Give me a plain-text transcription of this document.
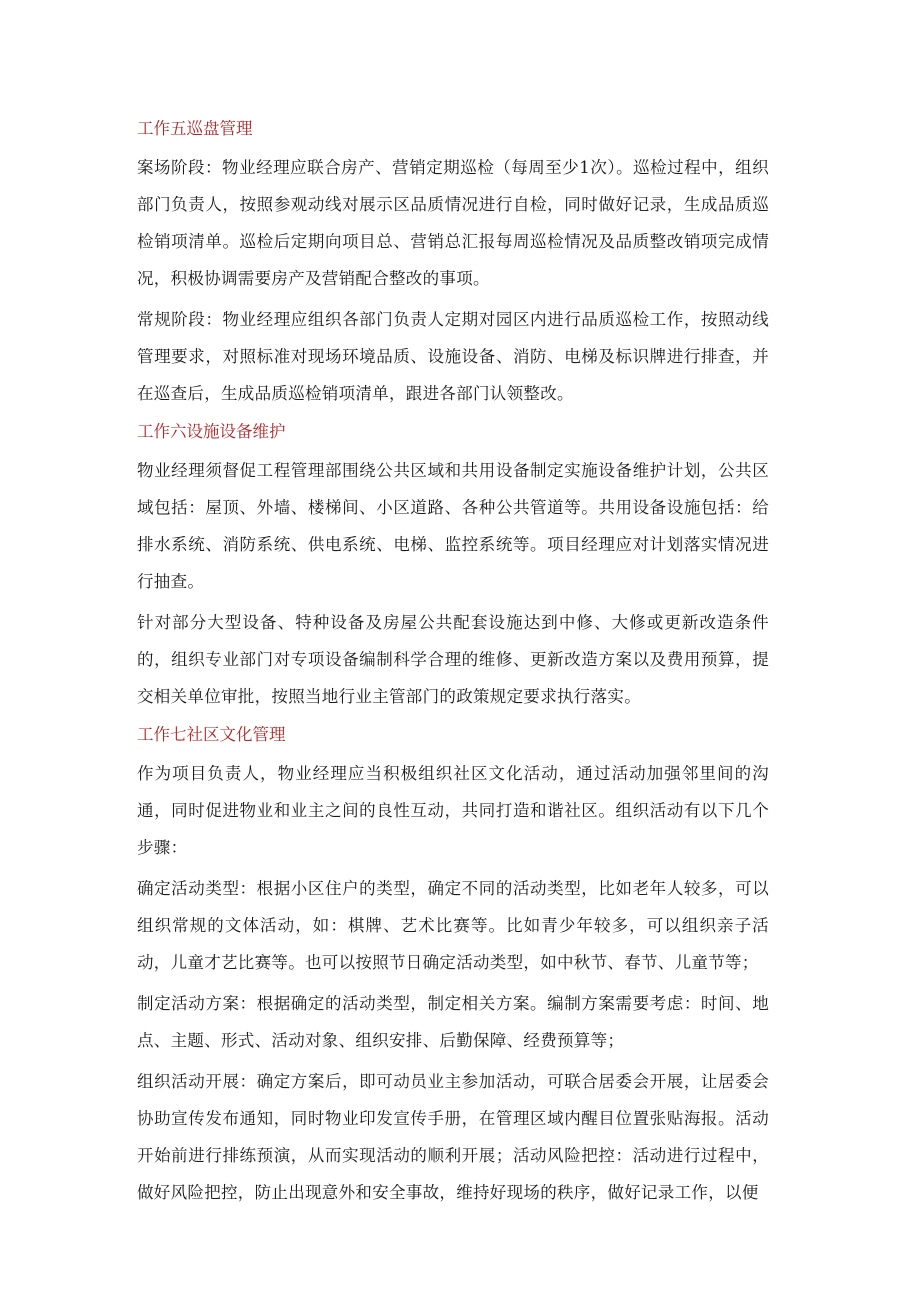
工作五巡盘管理

案场阶段：物业经理应联合房产、营销定期巡检（每周至少1次）。巡检过程中，组织部门负责人，按照参观动线对展示区品质情况进行自检，同时做好记录，生成品质巡检销项清单。巡检后定期向项目总、营销总汇报每周巡检情况及品质整改销项完成情况，积极协调需要房产及营销配合整改的事项。

常规阶段：物业经理应组织各部门负责人定期对园区内进行品质巡检工作，按照动线管理要求，对照标准对现场环境品质、设施设备、消防、电梯及标识牌进行排查，并在巡查后，生成品质巡检销项清单，跟进各部门认领整改。

工作六设施设备维护

物业经理须督促工程管理部围绕公共区域和共用设备制定实施设备维护计划，公共区域包括：屋顶、外墙、楼梯间、小区道路、各种公共管道等。共用设备设施包括：给排水系统、消防系统、供电系统、电梯、监控系统等。项目经理应对计划落实情况进行抽查。

针对部分大型设备、特种设备及房屋公共配套设施达到中修、大修或更新改造条件的，组织专业部门对专项设备编制科学合理的维修、更新改造方案以及费用预算，提交相关单位审批，按照当地行业主管部门的政策规定要求执行落实。

工作七社区文化管理

作为项目负责人，物业经理应当积极组织社区文化活动，通过活动加强邻里间的沟通，同时促进物业和业主之间的良性互动，共同打造和谐社区。组织活动有以下几个步骤：

确定活动类型：根据小区住户的类型，确定不同的活动类型，比如老年人较多，可以组织常规的文体活动，如：棋牌、艺术比赛等。比如青少年较多，可以组织亲子活动，儿童才艺比赛等。也可以按照节日确定活动类型，如中秋节、春节、儿童节等；

制定活动方案：根据确定的活动类型，制定相关方案。编制方案需要考虑：时间、地点、主题、形式、活动对象、组织安排、后勤保障、经费预算等；

组织活动开展：确定方案后，即可动员业主参加活动，可联合居委会开展，让居委会协助宣传发布通知，同时物业印发宣传手册，在管理区域内醒目位置张贴海报。活动开始前进行排练预演，从而实现活动的顺利开展；活动风险把控：活动进行过程中，做好风险把控，防止出现意外和安全事故，维持好现场的秩序，做好记录工作，以便
